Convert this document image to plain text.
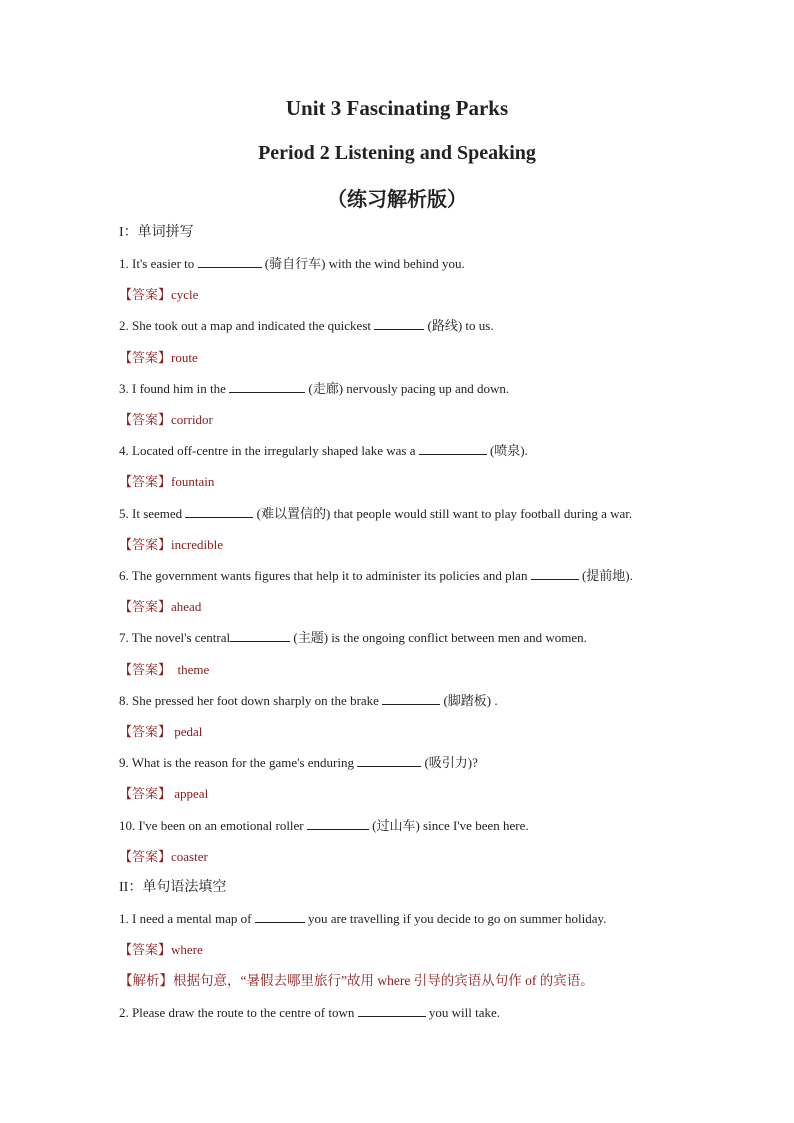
Unit 3 Fascinating Parks
Period 2 Listening and Speaking
（练习解析版）
I：单词拼写
1. It's easier to	(骑自行车) with the wind behind you.
【答案】cycle
2. She took out a map and indicated the quickest	(路线) to us.
【答案】route
3. I found him in the	(走廊) nervously pacing up and down.
【答案】corridor
4. Located off-centre in the irregularly shaped lake was a	(喷泉).
【答案】fountain
5. It seemed	(难以置信的) that people would still want to play football during a war.
【答案】incredible
6. The government wants figures that help it to administer its policies and plan	(提前地).
【答案】ahead
7. The novel's central	(主题) is the ongoing conflict between men and women.
【答案】  theme
8. She pressed her foot down sharply on the brake	(脚踏板) .
【答案】 pedal
9. What is the reason for the game's enduring	(吸引力)?
【答案】 appeal
10. I've been on an emotional roller	(过山车) since I've been here.
【答案】coaster
II：单句语法填空
1. I need a mental map of	you are travelling if you decide to go on summer holiday.
【答案】where
【解析】根据句意，“暑假去哪里旅行”故用 where 引导的宾语从句作 of 的宾语。
2. Please draw the route to the centre of town	you will take.
